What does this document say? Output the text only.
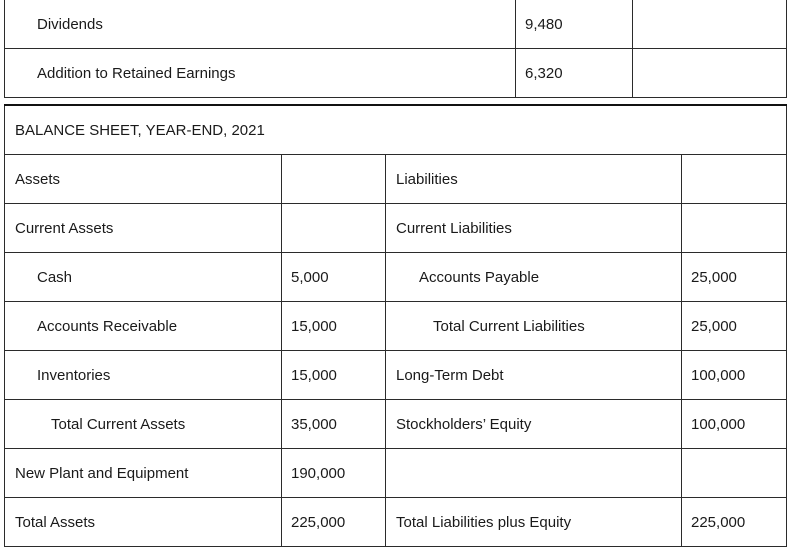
Dividends	9,480	
Addition to Retained Earnings	6,320	
BALANCE SHEET, YEAR-END, 2021			
Assets		Liabilities	
Current Assets		Current Liabilities	
Cash	5,000	Accounts Payable	25,000
Accounts Receivable	15,000	Total Current Liabilities	25,000
Inventories	15,000	Long-Term Debt	100,000
Total Current Assets	35,000	Stockholders’ Equity	100,000
New Plant and Equipment	190,000		
Total Assets	225,000	Total Liabilities plus Equity	225,000
